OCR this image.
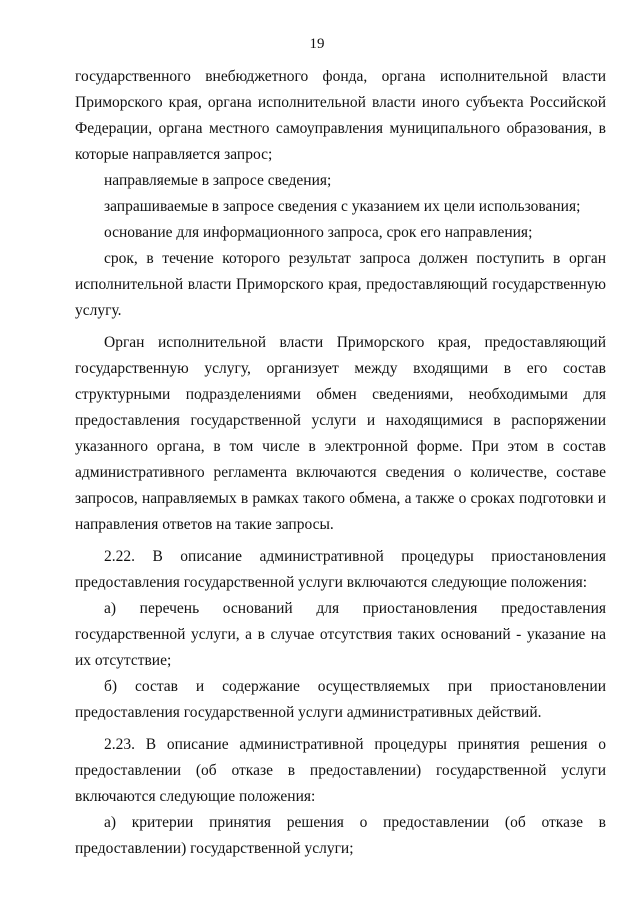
19

государственного внебюджетного фонда, органа исполнительной власти Приморского края, органа исполнительной власти иного субъекта Российской Федерации, органа местного самоуправления муниципального образования, в которые направляется запрос;

направляемые в запросе сведения;

запрашиваемые в запросе сведения с указанием их цели использования;

основание для информационного запроса, срок его направления;

срок, в течение которого результат запроса должен поступить в орган исполнительной власти Приморского края, предоставляющий государственную услугу.

Орган исполнительной власти Приморского края, предоставляющий государственную услугу, организует между входящими в его состав структурными подразделениями обмен сведениями, необходимыми для предоставления государственной услуги и находящимися в распоряжении указанного органа, в том числе в электронной форме. При этом в состав административного регламента включаются сведения о количестве, составе запросов, направляемых в рамках такого обмена, а также о сроках подготовки и направления ответов на такие запросы.

2.22. В описание административной процедуры приостановления предоставления государственной услуги включаются следующие положения:

а) перечень оснований для приостановления предоставления государственной услуги, а в случае отсутствия таких оснований - указание на их отсутствие;

б) состав и содержание осуществляемых при приостановлении предоставления государственной услуги административных действий.

2.23. В описание административной процедуры принятия решения о предоставлении (об отказе в предоставлении) государственной услуги включаются следующие положения:

а) критерии принятия решения о предоставлении (об отказе в предоставлении) государственной услуги;
